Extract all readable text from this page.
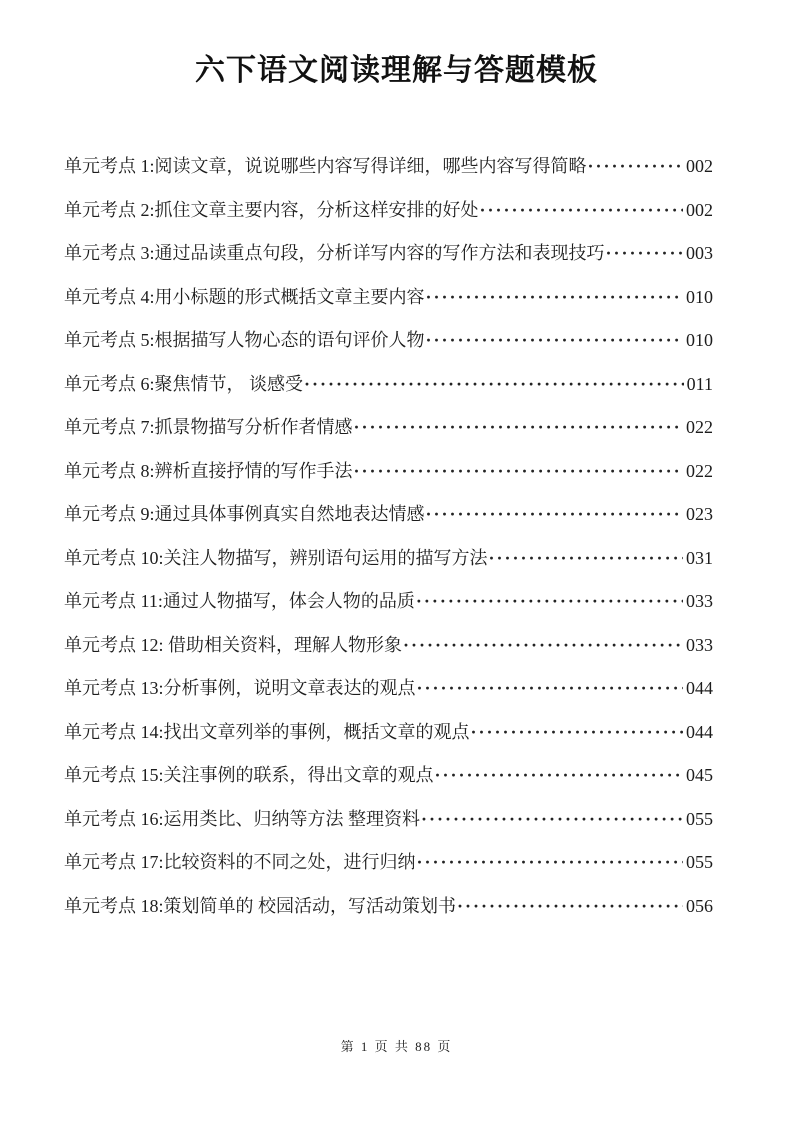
六下语文阅读理解与答题模板
单元考点 1:阅读文章，说说哪些内容写得详细，哪些内容写得简略 ·····	002
单元考点 2:抓住文章主要内容，分析这样安排的好处 ·····	002
单元考点 3:通过品读重点句段，分析详写内容的写作方法和表现技巧 ·····	003
单元考点 4:用小标题的形式概括文章主要内容 ·····	010
单元考点 5:根据描写人物心态的语句评价人物 ·····	010
单元考点 6:聚焦情节， 谈感受 ·····	011
单元考点 7:抓景物描写分析作者情感 ·····	022
单元考点 8:辨析直接抒情的写作手法 ·····	022
单元考点 9:通过具体事例真实自然地表达情感 ·····	023
单元考点 10:关注人物描写，辨别语句运用的描写方法 ·····	031
单元考点 11:通过人物描写，体会人物的品质 ·····	033
单元考点 12: 借助相关资料，理解人物形象 ·····	033
单元考点 13:分析事例，说明文章表达的观点 ·····	044
单元考点 14:找出文章列举的事例，概括文章的观点 ·····	044
单元考点 15:关注事例的联系，得出文章的观点 ·····	045
单元考点 16:运用类比、归纳等方法 整理资料 ·····	055
单元考点 17:比较资料的不同之处，进行归纳 ·····	055
单元考点 18:策划简单的 校园活动，写活动策划书 ·····	056
第 1 页 共 88 页
